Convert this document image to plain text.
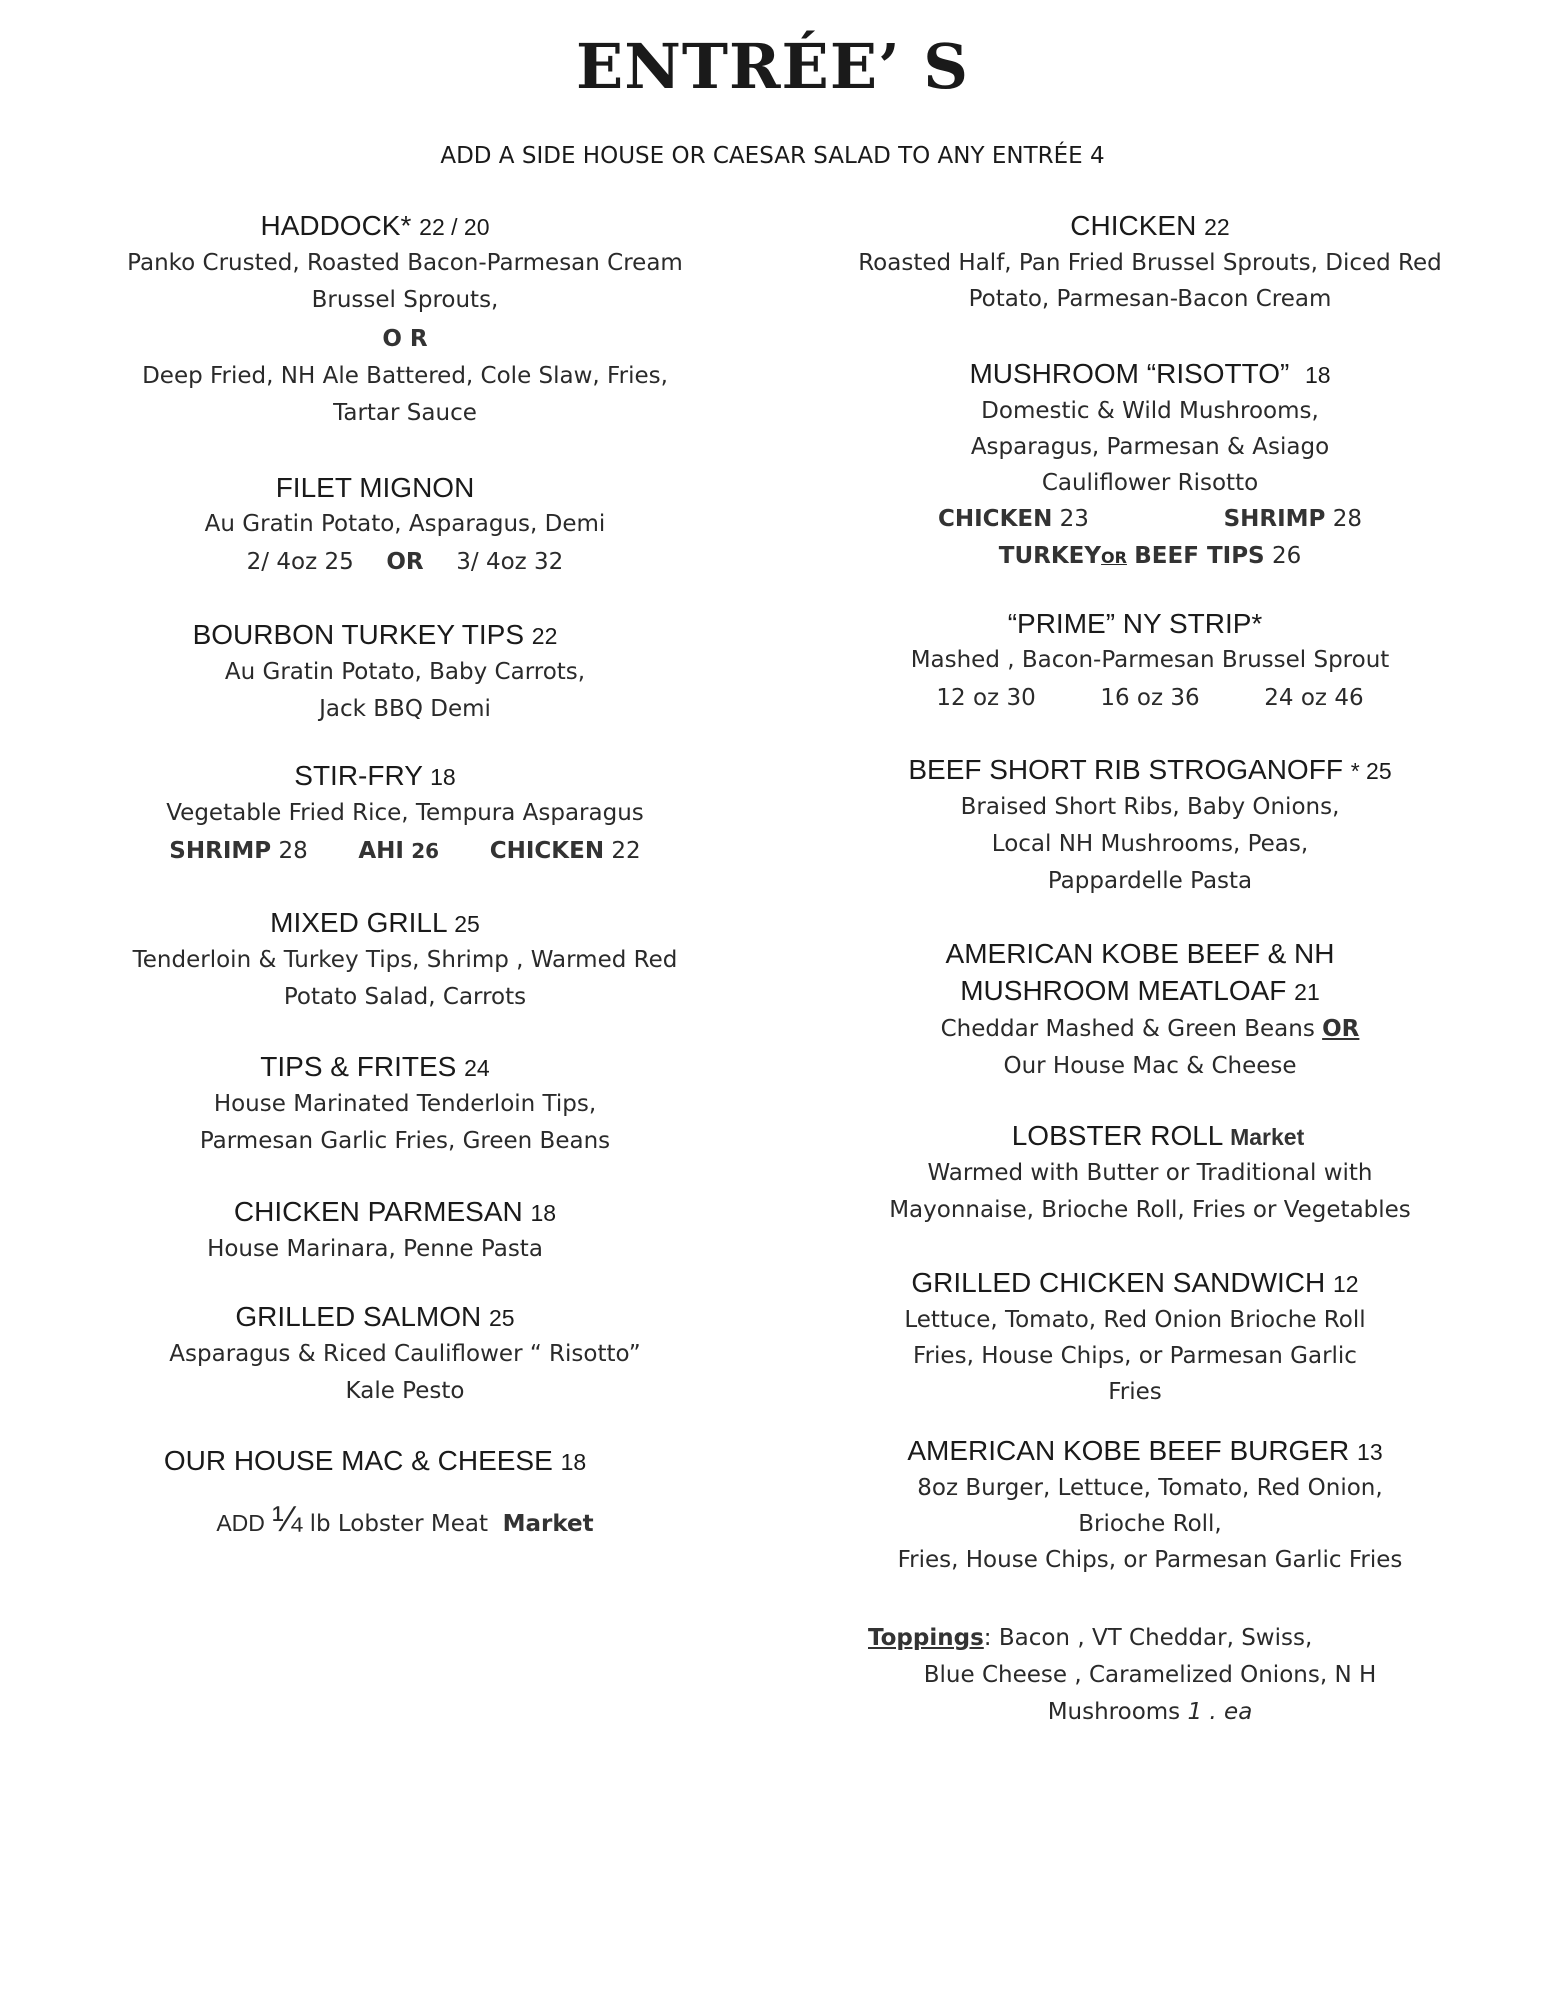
ENTRÉE’ S
ADD A SIDE HOUSE OR CAESAR SALAD TO ANY ENTRÉE 4
HADDOCK* 22 / 20
Panko Crusted, Roasted Bacon-Parmesan Cream
Brussel Sprouts,
O R
Deep Fried, NH Ale Battered, Cole Slaw, Fries,
Tartar Sauce
FILET MIGNON
Au Gratin Potato, Asparagus, Demi
2/ 4oz 25 OR 3/ 4oz 32
BOURBON TURKEY TIPS 22
Au Gratin Potato, Baby Carrots,
Jack BBQ Demi
STIR-FRY 18
Vegetable Fried Rice, Tempura Asparagus
SHRIMP 28 AHI 26 CHICKEN 22
MIXED GRILL 25
Tenderloin & Turkey Tips, Shrimp , Warmed Red
Potato Salad, Carrots
TIPS & FRITES 24
House Marinated Tenderloin Tips,
Parmesan Garlic Fries, Green Beans
CHICKEN PARMESAN 18
House Marinara, Penne Pasta
GRILLED SALMON 25
Asparagus & Riced Cauliflower “ Risotto”
Kale Pesto
OUR HOUSE MAC & CHEESE 18
ADD ¼ lb Lobster Meat Market
CHICKEN 22
Roasted Half, Pan Fried Brussel Sprouts, Diced Red
Potato, Parmesan-Bacon Cream
MUSHROOM “RISOTTO” 18
Domestic & Wild Mushrooms,
Asparagus, Parmesan & Asiago
Cauliflower Risotto
CHICKEN 23	SHRIMP 28
TURKEYOR BEEF TIPS 26
“PRIME” NY STRIP*
Mashed , Bacon-Parmesan Brussel Sprout
12 oz 30	16 oz 36	24 oz 46
BEEF SHORT RIB STROGANOFF * 25
Braised Short Ribs, Baby Onions,
Local NH Mushrooms, Peas,
Pappardelle Pasta
AMERICAN KOBE BEEF & NH
MUSHROOM MEATLOAF 21
Cheddar Mashed & Green Beans OR
Our House Mac & Cheese
LOBSTER ROLL Market
Warmed with Butter or Traditional with
Mayonnaise, Brioche Roll, Fries or Vegetables
GRILLED CHICKEN SANDWICH 12
Lettuce, Tomato, Red Onion Brioche Roll
Fries, House Chips, or Parmesan Garlic
Fries
AMERICAN KOBE BEEF BURGER 13
8oz Burger, Lettuce, Tomato, Red Onion,
Brioche Roll,
Fries, House Chips, or Parmesan Garlic Fries
Toppings: Bacon , VT Cheddar, Swiss,
Blue Cheese , Caramelized Onions, N H
Mushrooms 1 . ea
